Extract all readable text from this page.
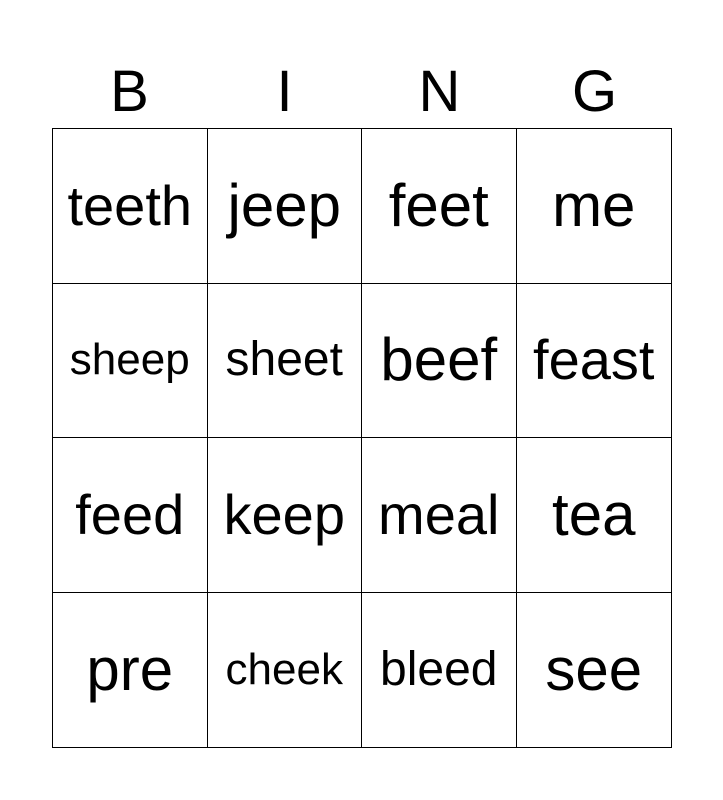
B	I	N	G
teeth jeep feet	me
sheep sheet beef feast
feed keep meal tea
pre	cheek bleed see
